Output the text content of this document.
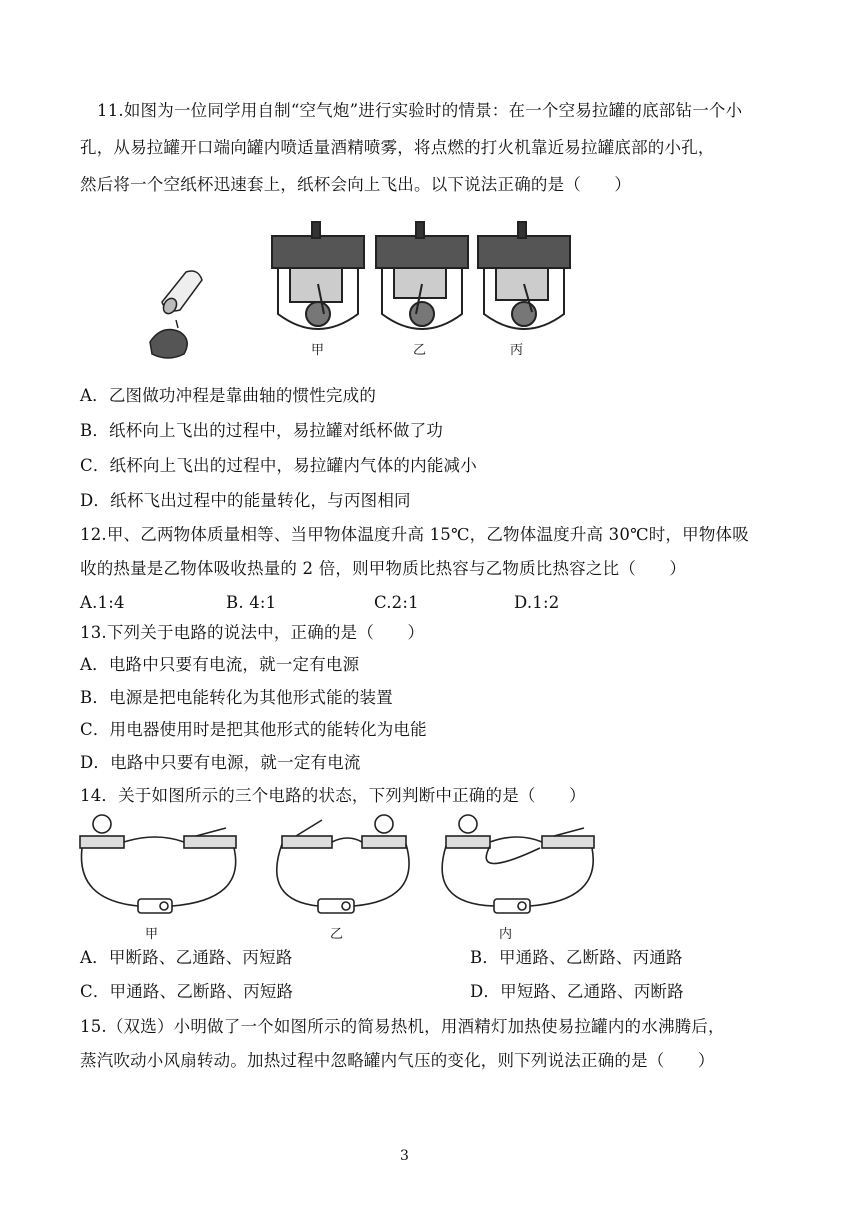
11.如图为一位同学用自制“空气炮”进行实验时的情景：在一个空易拉罐的底部钻一个小
孔，从易拉罐开口端向罐内喷适量酒精喷雾，将点燃的打火机靠近易拉罐底部的小孔，
然后将一个空纸杯迅速套上，纸杯会向上飞出。以下说法正确的是（　　）
甲	乙	丙
A．乙图做功冲程是靠曲轴的惯性完成的
B．纸杯向上飞出的过程中，易拉罐对纸杯做了功
C．纸杯向上飞出的过程中，易拉罐内气体的内能减小
D．纸杯飞出过程中的能量转化，与丙图相同
12.甲、乙两物体质量相等、当甲物体温度升高 15℃，乙物体温度升高 30℃时，甲物体吸
收的热量是乙物体吸收热量的 2 倍，则甲物质比热容与乙物质比热容之比（　　）
A.1:4	B. 4:1	C.2:1	D.1:2
13.下列关于电路的说法中，正确的是（　　）
A．电路中只要有电流，就一定有电源
B．电源是把电能转化为其他形式能的装置
C．用电器使用时是把其他形式的能转化为电能
D．电路中只要有电源，就一定有电流
14．关于如图所示的三个电路的状态，下列判断中正确的是（　　）
甲	乙	内
A．甲断路、乙通路、丙短路	B．甲通路、乙断路、丙通路
C．甲通路、乙断路、丙短路	D．甲短路、乙通路、丙断路
15.（双选）小明做了一个如图所示的简易热机，用酒精灯加热使易拉罐内的水沸腾后，
蒸汽吹动小风扇转动。加热过程中忽略罐内气压的变化，则下列说法正确的是（　　）
3
